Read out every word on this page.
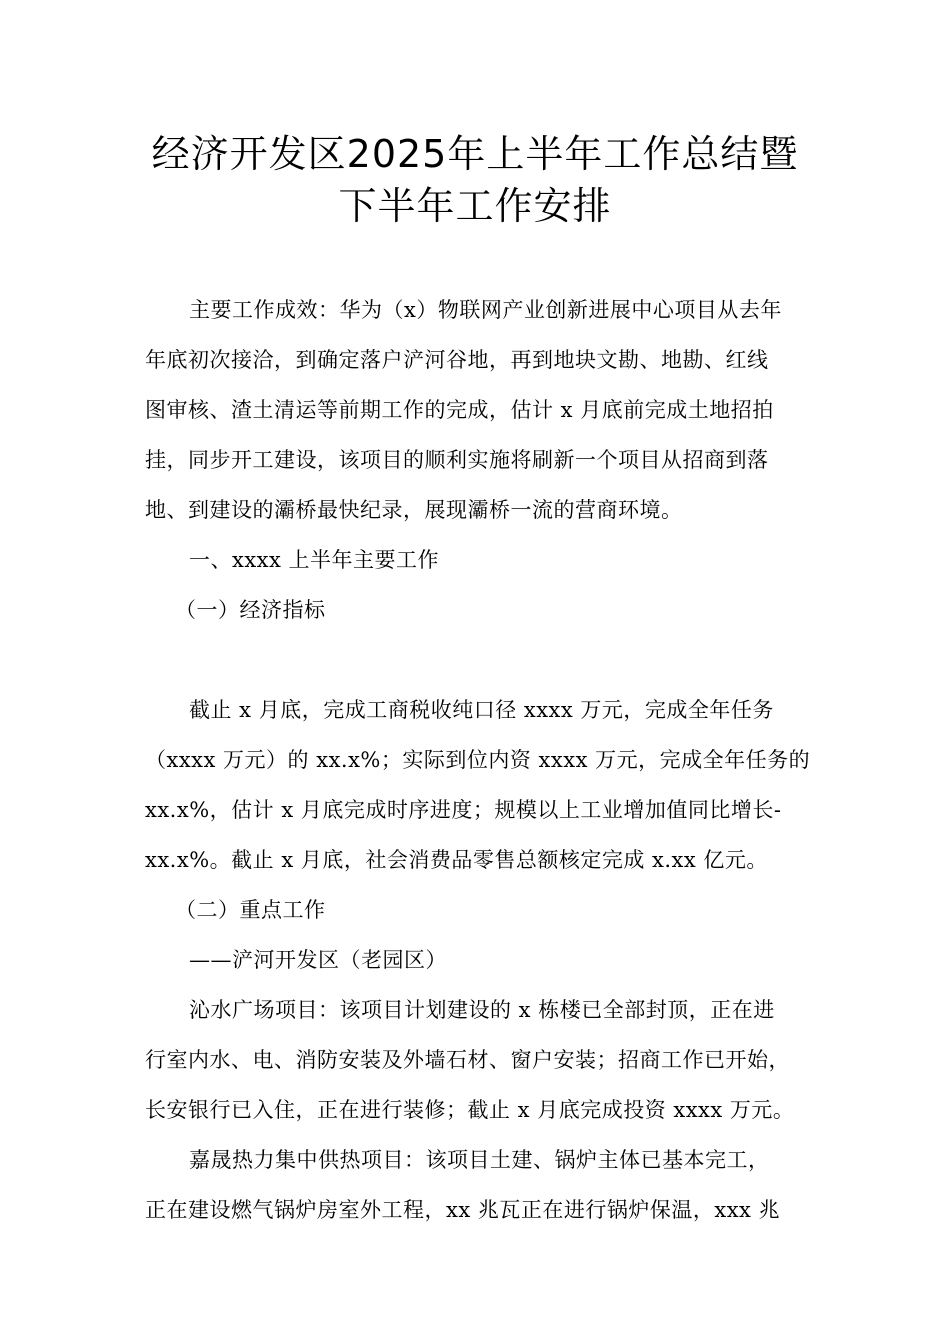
经济开发区2025年上半年工作总结暨
下半年工作安排
主要工作成效：华为（x）物联网产业创新进展中心项目从去年
年底初次接洽，到确定落户浐河谷地，再到地块文勘、地勘、红线
图审核、渣土清运等前期工作的完成，估计 x 月底前完成土地招拍
挂，同步开工建设，该项目的顺利实施将刷新一个项目从招商到落
地、到建设的灞桥最快纪录，展现灞桥一流的营商环境。
一、xxxx 上半年主要工作
（一）经济指标
截止 x 月底，完成工商税收纯口径 xxxx 万元，完成全年任务
（xxxx 万元）的 xx.x%；实际到位内资 xxxx 万元，完成全年任务的
xx.x%，估计 x 月底完成时序进度；规模以上工业增加值同比增长-
xx.x%。截止 x 月底，社会消费品零售总额核定完成 x.xx 亿元。
（二）重点工作
——浐河开发区（老园区）
沁水广场项目：该项目计划建设的 x 栋楼已全部封顶，正在进
行室内水、电、消防安装及外墙石材、窗户安装；招商工作已开始，
长安银行已入住，正在进行装修；截止 x 月底完成投资 xxxx 万元。
嘉晟热力集中供热项目：该项目土建、锅炉主体已基本完工，
正在建设燃气锅炉房室外工程，xx 兆瓦正在进行锅炉保温，xxx 兆
